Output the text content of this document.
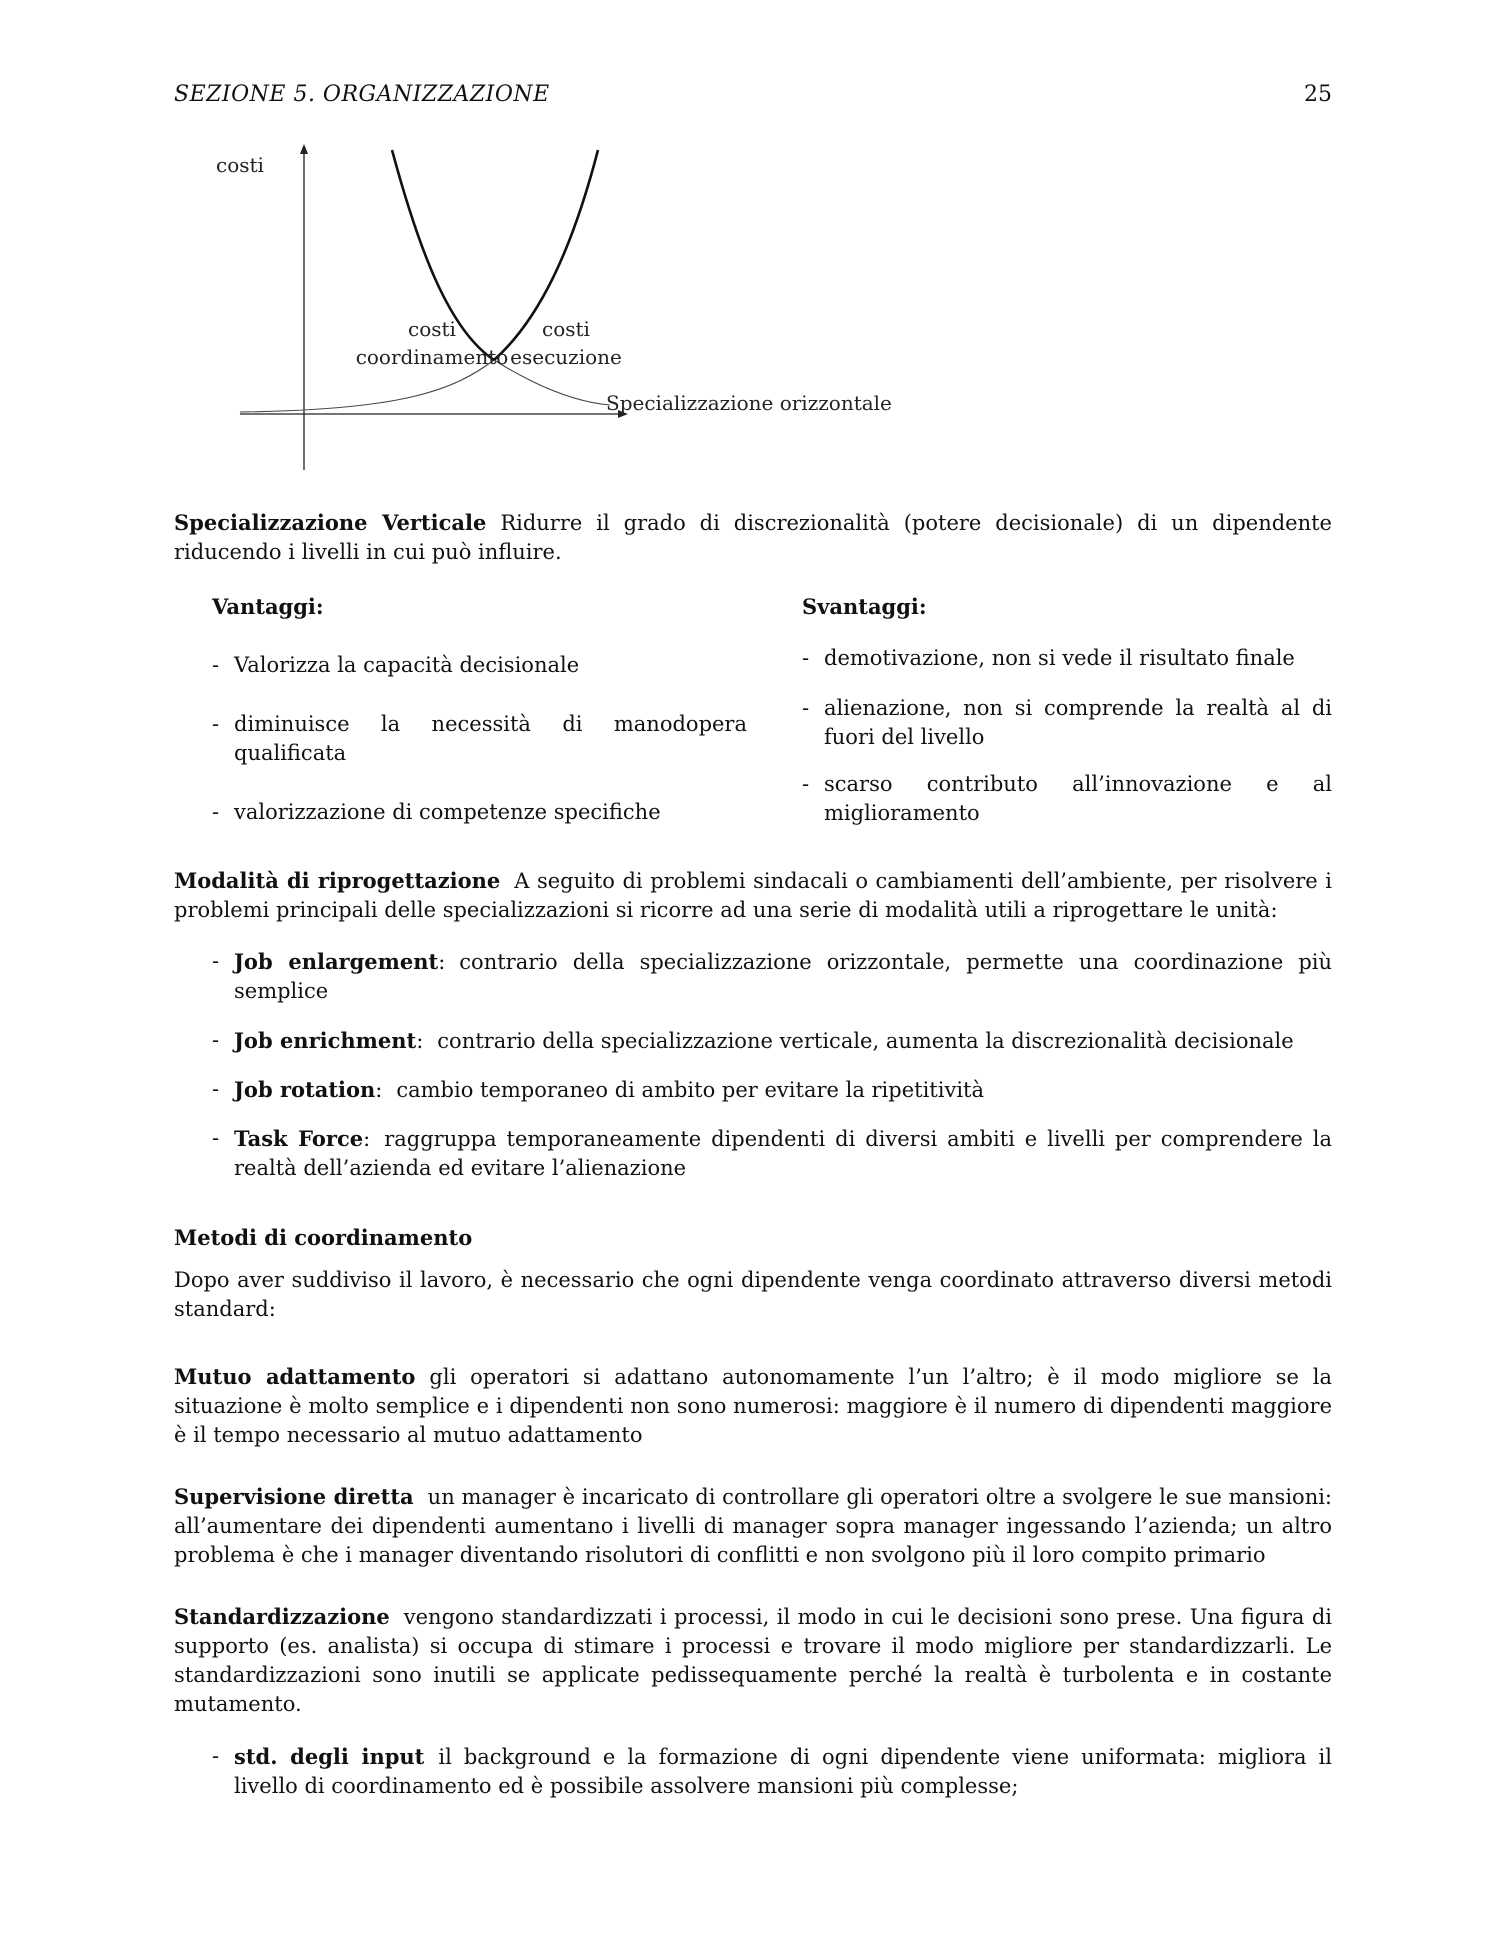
SEZIONE 5. ORGANIZZAZIONE	25
costi
costi
coordinamento
costi
esecuzione
Specializzazione orizzontale
Specializzazione Verticale Ridurre il grado di discrezionalità (potere decisionale) di un dipendente riducendo i livelli in cui può influire.
Vantaggi:
- Valorizza la capacità decisionale
- diminuisce la necessità di manodopera qualificata
- valorizzazione di competenze specifiche
Svantaggi:
- demotivazione, non si vede il risultato finale
- alienazione, non si comprende la realtà al di fuori del livello
- scarso contributo all’innovazione e al miglioramento
Modalità di riprogettazione A seguito di problemi sindacali o cambiamenti dell’ambiente, per risolvere i problemi principali delle specializzazioni si ricorre ad una serie di modalità utili a riprogettare le unità:
- Job enlargement: contrario della specializzazione orizzontale, permette una coordinazione più semplice
- Job enrichment: contrario della specializzazione verticale, aumenta la discrezionalità decisionale
- Job rotation: cambio temporaneo di ambito per evitare la ripetitività
- Task Force: raggruppa temporaneamente dipendenti di diversi ambiti e livelli per comprendere la realtà dell’azienda ed evitare l’alienazione
Metodi di coordinamento
Dopo aver suddiviso il lavoro, è necessario che ogni dipendente venga coordinato attraverso diversi metodi standard:
Mutuo adattamento gli operatori si adattano autonomamente l’un l’altro; è il modo migliore se la situazione è molto semplice e i dipendenti non sono numerosi: maggiore è il numero di dipendenti maggiore è il tempo necessario al mutuo adattamento
Supervisione diretta un manager è incaricato di controllare gli operatori oltre a svolgere le sue mansioni: all’aumentare dei dipendenti aumentano i livelli di manager sopra manager ingessando l’azienda; un altro problema è che i manager diventando risolutori di conflitti e non svolgono più il loro compito primario
Standardizzazione vengono standardizzati i processi, il modo in cui le decisioni sono prese. Una figura di supporto (es. analista) si occupa di stimare i processi e trovare il modo migliore per standardizzarli. Le standardizzazioni sono inutili se applicate pedissequamente perché la realtà è turbolenta e in costante mutamento.
- std. degli input il background e la formazione di ogni dipendente viene uniformata: migliora il livello di coordinamento ed è possibile assolvere mansioni più complesse;
